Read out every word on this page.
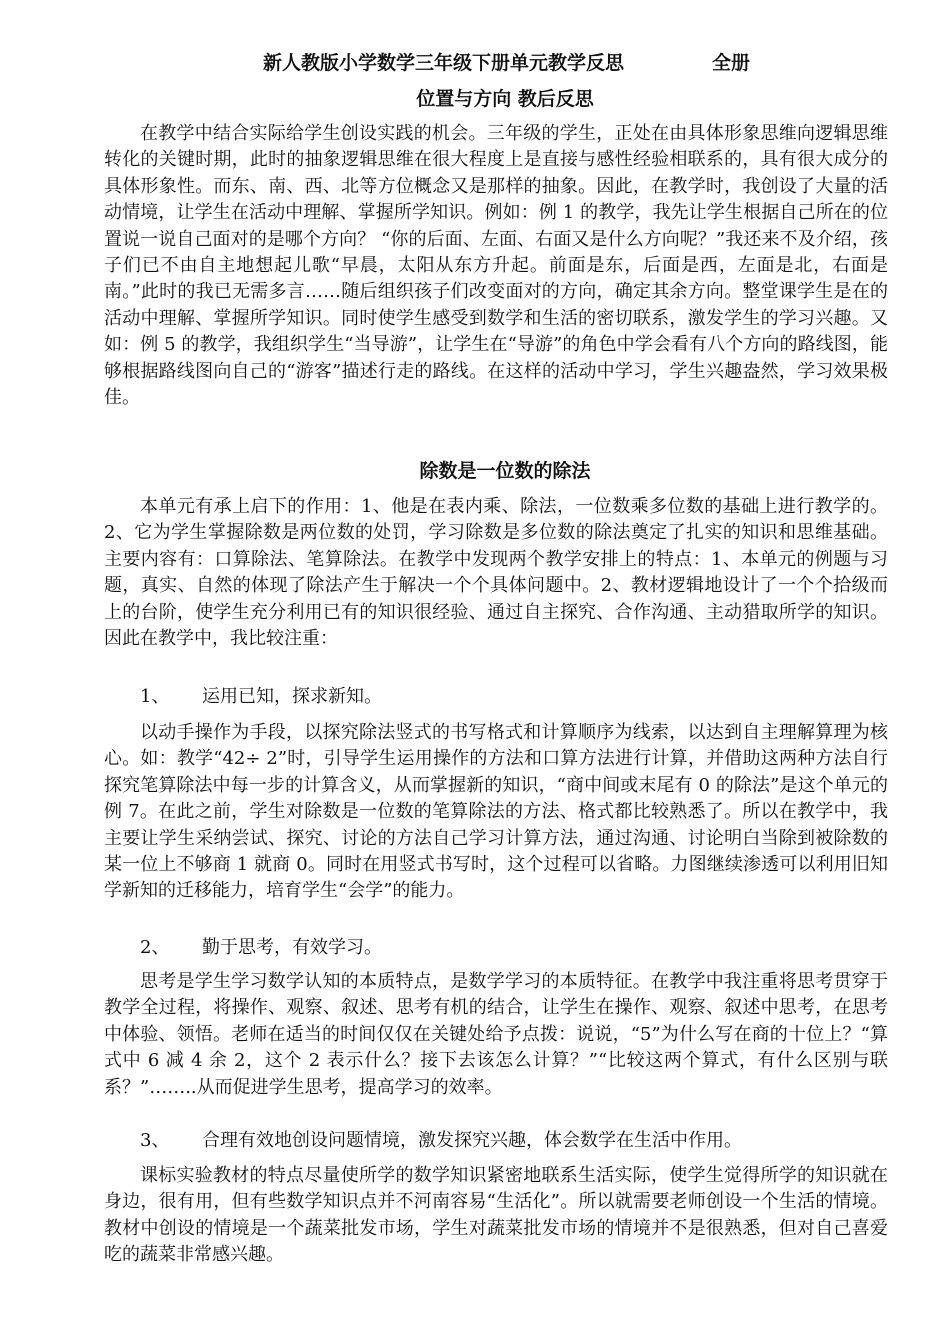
新人教版小学数学三年级下册单元教学反思	全册
位置与方向 教后反思

在教学中结合实际给学生创设实践的机会。三年级的学生，正处在由具体形象思维向逻辑思维转化的关键时期，此时的抽象逻辑思维在很大程度上是直接与感性经验相联系的，具有很大成分的具体形象性。而东、南、西、北等方位概念又是那样的抽象。因此，在教学时，我创设了大量的活动情境，让学生在活动中理解、掌握所学知识。例如：例 1 的教学，我先让学生根据自己所在的位置说一说自己面对的是哪个方向？ “你的后面、左面、右面又是什么方向呢？”我还来不及介绍，孩子们已不由自主地想起儿歌“早晨，太阳从东方升起。前面是东，后面是西，左面是北，右面是南。”此时的我已无需多言……随后组织孩子们改变面对的方向，确定其余方向。整堂课学生是在的活动中理解、掌握所学知识。同时使学生感受到数学和生活的密切联系，激发学生的学习兴趣。又如：例 5 的教学，我组织学生“当导游”，让学生在“导游”的角色中学会看有八个方向的路线图，能够根据路线图向自己的“游客”描述行走的路线。在这样的活动中学习，学生兴趣盎然，学习效果极佳。

除数是一位数的除法

本单元有承上启下的作用：1、他是在表内乘、除法，一位数乘多位数的基础上进行教学的。2、它为学生掌握除数是两位数的处罚，学习除数是多位数的除法奠定了扎实的知识和思维基础。主要内容有：口算除法、笔算除法。在教学中发现两个教学安排上的特点：1、本单元的例题与习题，真实、自然的体现了除法产生于解决一个个具体问题中。2、教材逻辑地设计了一个个拾级而上的台阶，使学生充分利用已有的知识很经验、通过自主探究、合作沟通、主动猎取所学的知识。因此在教学中，我比较注重：

1、 运用已知，探求新知。

以动手操作为手段，以探究除法竖式的书写格式和计算顺序为线索，以达到自主理解算理为核心。如：教学“42÷ 2”时，引导学生运用操作的方法和口算方法进行计算，并借助这两种方法自行探究笔算除法中每一步的计算含义，从而掌握新的知识，“商中间或末尾有 0 的除法”是这个单元的例 7。在此之前，学生对除数是一位数的笔算除法的方法、格式都比较熟悉了。所以在教学中，我主要让学生采纳尝试、探究、讨论的方法自己学习计算方法，通过沟通、讨论明白当除到被除数的某一位上不够商 1 就商 0。同时在用竖式书写时，这个过程可以省略。力图继续渗透可以利用旧知学新知的迁移能力，培育学生“会学”的能力。

2、 勤于思考，有效学习。

思考是学生学习数学认知的本质特点，是数学学习的本质特征。在教学中我注重将思考贯穿于教学全过程，将操作、观察、叙述、思考有机的结合，让学生在操作、观察、叙述中思考，在思考 中体验、领悟。老师在适当的时间仅仅在关键处给予点拨：说说，“5”为什么写在商的十位上？“算式中 6 减 4 余 2，这个 2 表示什么？接下去该怎么计算？”“比较这两个算式，有什么区别与联系？”……..从而促进学生思考，提高学习的效率。

3、 合理有效地创设问题情境，激发探究兴趣，体会数学在生活中作用。

课标实验教材的特点尽量使所学的数学知识紧密地联系生活实际，使学生觉得所学的知识就在身边，很有用，但有些数学知识点并不河南容易“生活化”。所以就需要老师创设一个生活的情境。教材中创设的情境是一个蔬菜批发市场，学生对蔬菜批发市场的情境并不是很熟悉，但对自己喜爱吃的蔬菜非常感兴趣。
